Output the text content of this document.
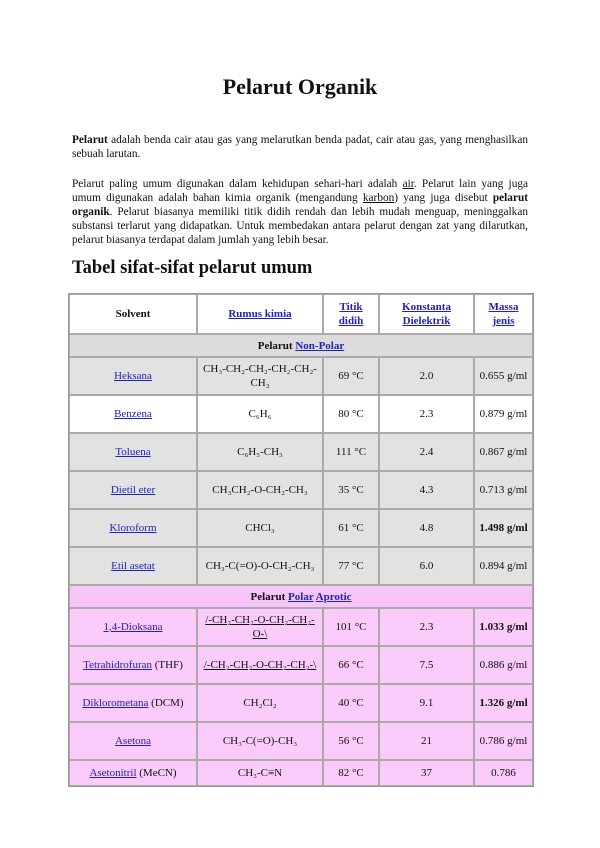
Pelarut Organik

Pelarut adalah benda cair atau gas yang melarutkan benda padat, cair atau gas, yang menghasilkan sebuah larutan.

Pelarut paling umum digunakan dalam kehidupan sehari-hari adalah air. Pelarut lain yang juga umum digunakan adalah bahan kimia organik (mengandung karbon) yang juga disebut pelarut organik. Pelarut biasanya memiliki titik didih rendah dan lebih mudah menguap, meninggalkan substansi terlarut yang didapatkan. Untuk membedakan antara pelarut dengan zat yang dilarutkan, pelarut biasanya terdapat dalam jumlah yang lebih besar.

Tabel sifat-sifat pelarut umum
Solvent	Rumus kimia	Titik didih	Konstanta Dielektrik	Massa jenis
Pelarut Non-Polar				
Heksana	CH₃-CH₂-CH₂-CH₂-CH₂-CH₃	69 °C	2.0	0.655 g/ml
Benzena	C₆H₆	80 °C	2.3	0.879 g/ml
Toluena	C₆H₅-CH₃	111 °C	2.4	0.867 g/ml
Dietil eter	CH₃CH₂-O-CH₂-CH₃	35 °C	4.3	0.713 g/ml
Kloroform	CHCl₃	61 °C	4.8	1.498 g/ml
Etil asetat	CH₃-C(=O)-O-CH₂-CH₃	77 °C	6.0	0.894 g/ml
Pelarut Polar Aprotic				
1,4-Dioksana	/-CH₂-CH₂-O-CH₂-CH₂-O-\	101 °C	2.3	1.033 g/ml
Tetrahidrofuran (THF)	/-CH₂-CH₂-O-CH₂-CH₂-\	66 °C	7.5	0.886 g/ml
Diklorometana (DCM)	CH₂Cl₂	40 °C	9.1	1.326 g/ml
Asetona	CH₃-C(=O)-CH₃	56 °C	21	0.786 g/ml
Asetonitril (MeCN)	CH₃-C≡N	82 °C	37	0.786
